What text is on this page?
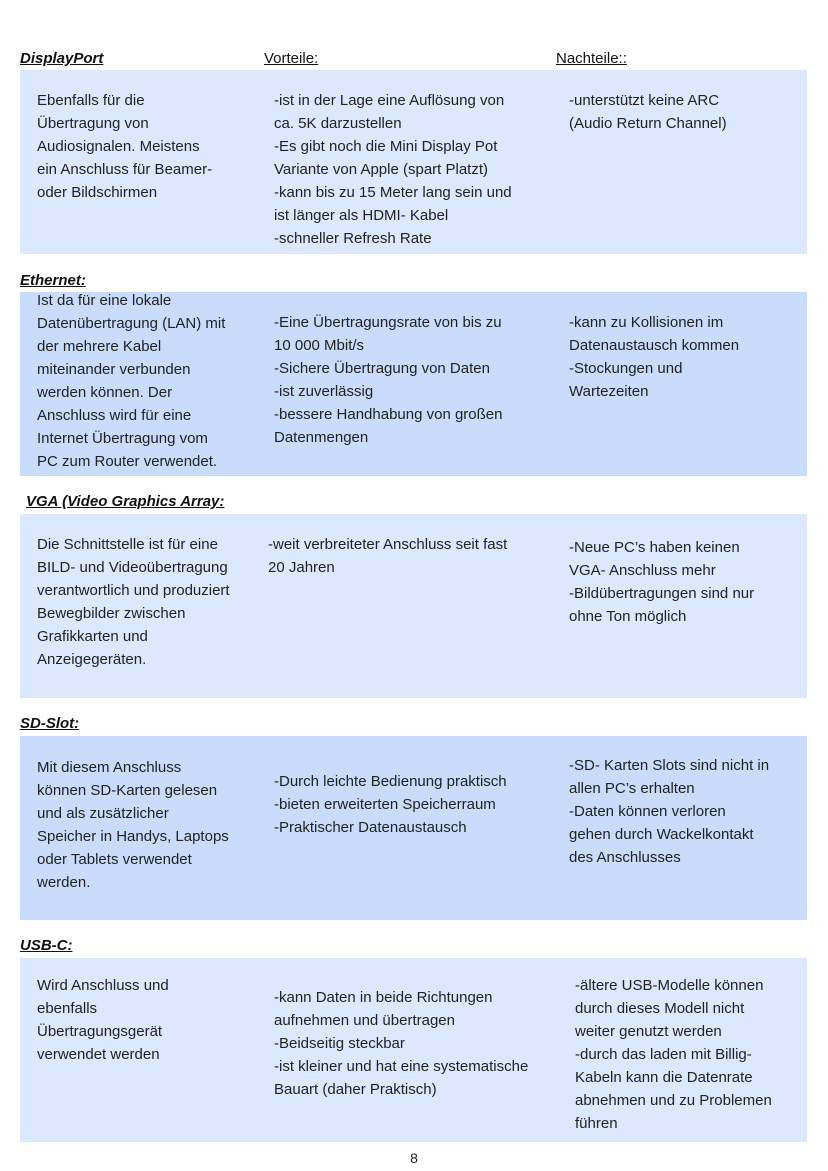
DisplayPort	Vorteile:	Nachteile::

Ebenfalls für die
Übertragung von
Audiosignalen. Meistens
ein Anschluss für Beamer-
oder Bildschirmen

-ist in der Lage eine Auflösung von
ca. 5K darzustellen
-Es gibt noch die Mini Display Pot
Variante von Apple (spart Platzt)
-kann bis zu 15 Meter lang sein und
ist länger als HDMI- Kabel
-schneller Refresh Rate

-unterstützt keine ARC
(Audio Return Channel)

Ethernet:

Ist da für eine lokale
Datenübertragung (LAN) mit
der mehrere Kabel
miteinander verbunden
werden können. Der
Anschluss wird für eine
Internet Übertragung vom
PC zum Router verwendet.

-Eine Übertragungsrate von bis zu
10 000 Mbit/s
-Sichere Übertragung von Daten
-ist zuverlässig
-bessere Handhabung von großen
Datenmengen

-kann zu Kollisionen im
Datenaustausch kommen
-Stockungen und
Wartezeiten

VGA (Video Graphics Array:

Die Schnittstelle ist für eine
BILD- und Videoübertragung
verantwortlich und produziert
Bewegbilder zwischen
Grafikkarten und
Anzeigegeräten.

-weit verbreiteter Anschluss seit fast
20 Jahren

-Neue PC’s haben keinen
VGA- Anschluss mehr
-Bildübertragungen sind nur
ohne Ton möglich

SD-Slot:

Mit diesem Anschluss
können SD-Karten gelesen
und als zusätzlicher
Speicher in Handys, Laptops
oder Tablets verwendet
werden.

-Durch leichte Bedienung praktisch
-bieten erweiterten Speicherraum
-Praktischer Datenaustausch

-SD- Karten Slots sind nicht in
allen PC’s erhalten
-Daten können verloren
gehen durch Wackelkontakt
des Anschlusses

USB-C:

Wird Anschluss und
ebenfalls
Übertragungsgerät
verwendet werden

-kann Daten in beide Richtungen
aufnehmen und übertragen
-Beidseitig steckbar
-ist kleiner und hat eine systematische
Bauart (daher Praktisch)

-ältere USB-Modelle können
durch dieses Modell nicht
weiter genutzt werden
-durch das laden mit Billig-
Kabeln kann die Datenrate
abnehmen und zu Problemen
führen

8
